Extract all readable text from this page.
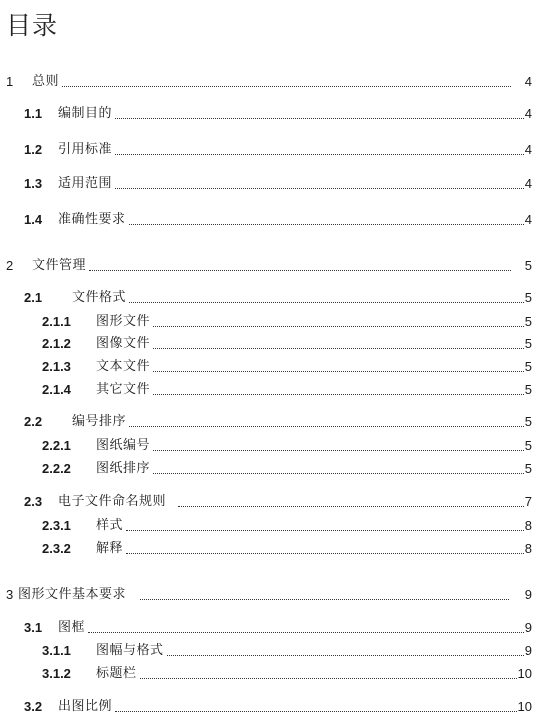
目录
1	总则	4
1.1	编制目的	4
1.2	引用标准	4
1.3	适用范围	4
1.4	准确性要求	4
2	文件管理	5
2.1	文件格式	5
2.1.1	图形文件	5
2.1.2	图像文件	5
2.1.3	文本文件	5
2.1.4	其它文件	5
2.2	编号排序	5
2.2.1	图纸编号	5
2.2.2	图纸排序	5
2.3	电子文件命名规则	7
2.3.1	样式	8
2.3.2	解释	8
3 图形文件基本要求	9
3.1	图框	9
3.1.1	图幅与格式	9
3.1.2	标题栏	10
3.2	出图比例	10
